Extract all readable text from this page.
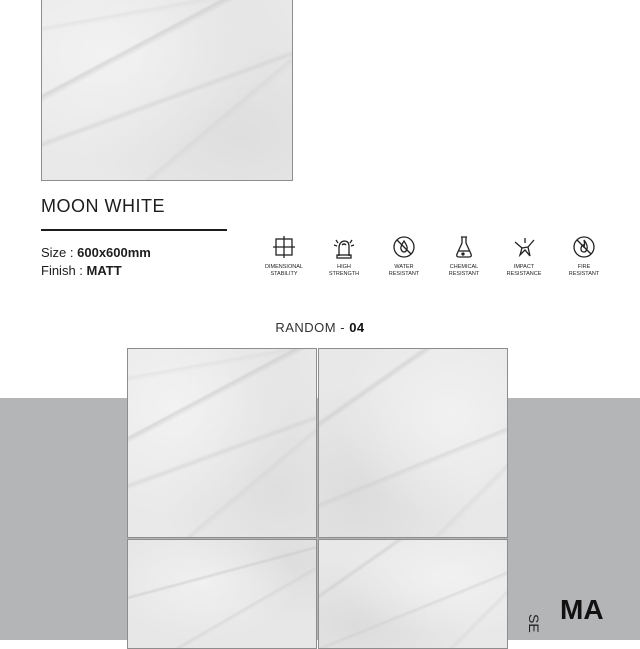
MOON WHITE
Size : 600x600mm
Finish : MATT	DIMENSIONAL
STABILITY
HIGH
STRENGTH
WATER
RESISTANT
CHEMICAL
RESISTANT
IMPACT
RESISTANCE
FIRE
RESISTANT
RANDOM - 04
MA
SE
